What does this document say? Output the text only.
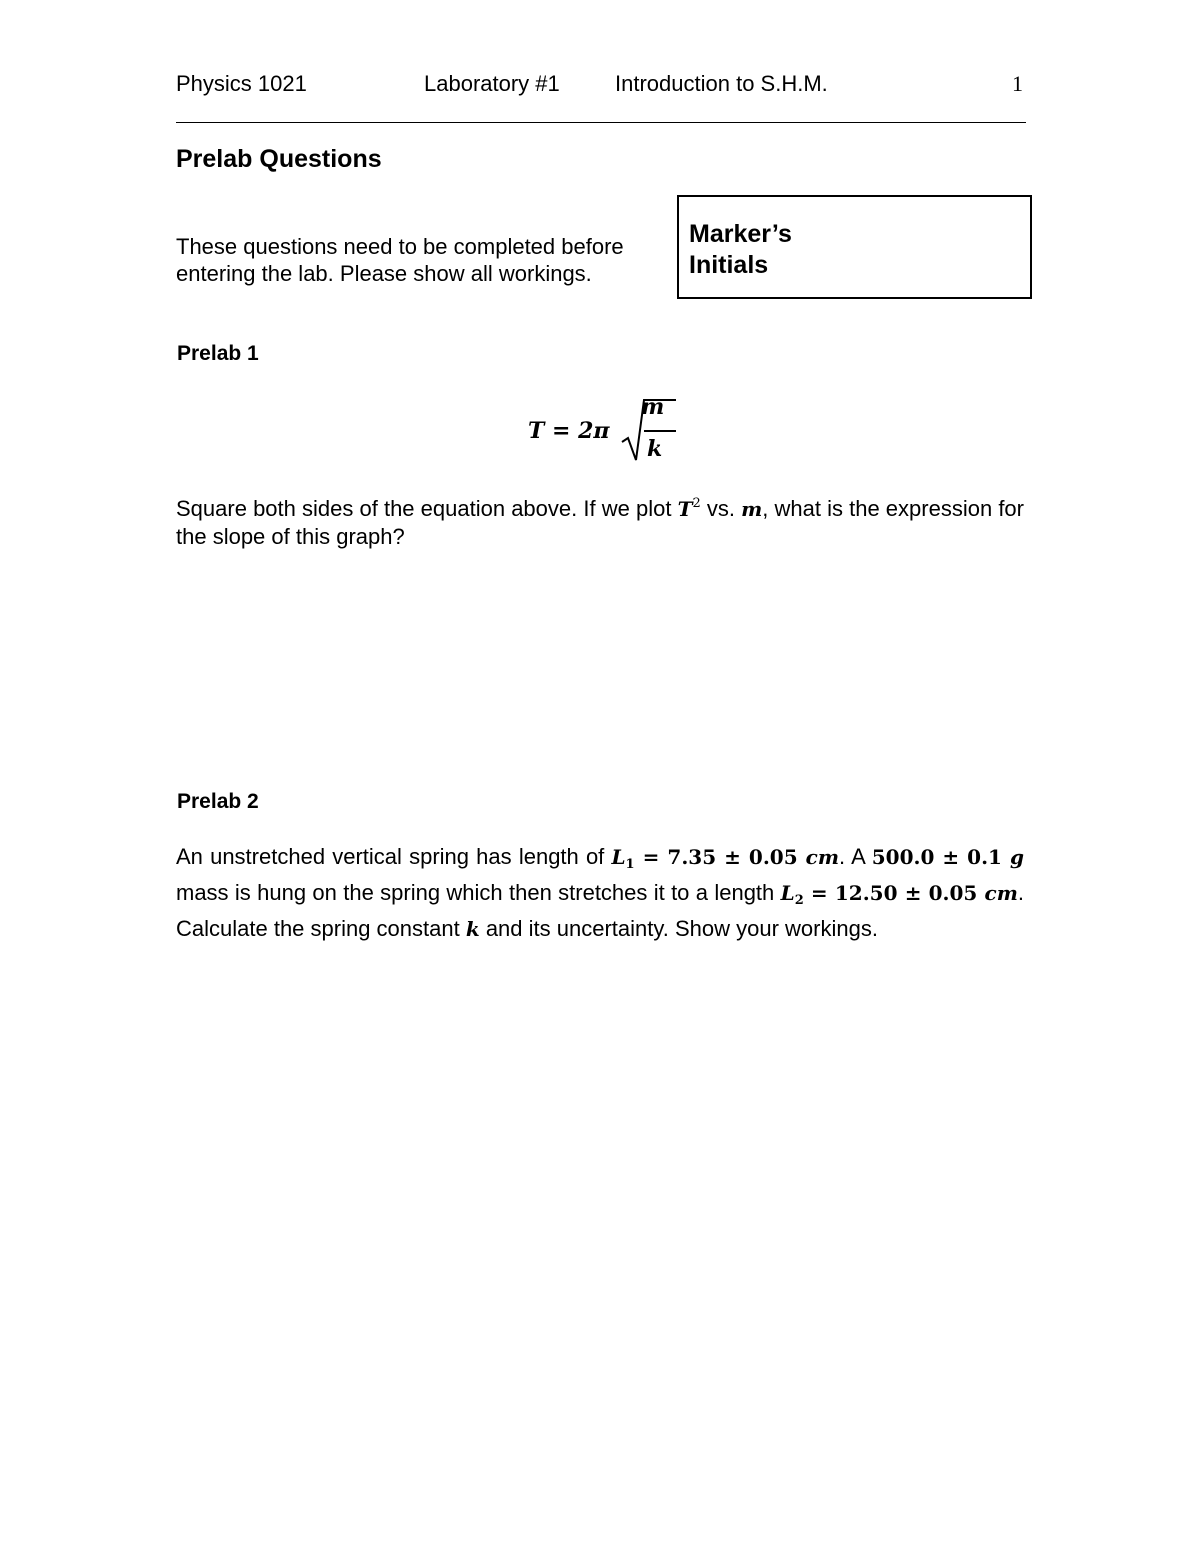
Physics 1021	Laboratory #1	Introduction to S.H.M.	1
Prelab Questions
These questions need to be completed before entering the lab. Please show all workings.
Marker’s
Initials
Prelab 1
T = 2π
m
k
Square both sides of the equation above. If we plot $T^2$ vs. m, what is the expression for the slope of this graph?
Prelab 2
An unstretched vertical spring has length of $L_1 = 7.35 \pm 0.05$ cm. A 500.0 ± 0.1 g mass is hung on the spring which then stretches it to a length $L_2 = 12.50 \pm 0.05$ cm. Calculate the spring constant k and its uncertainty. Show your workings.
